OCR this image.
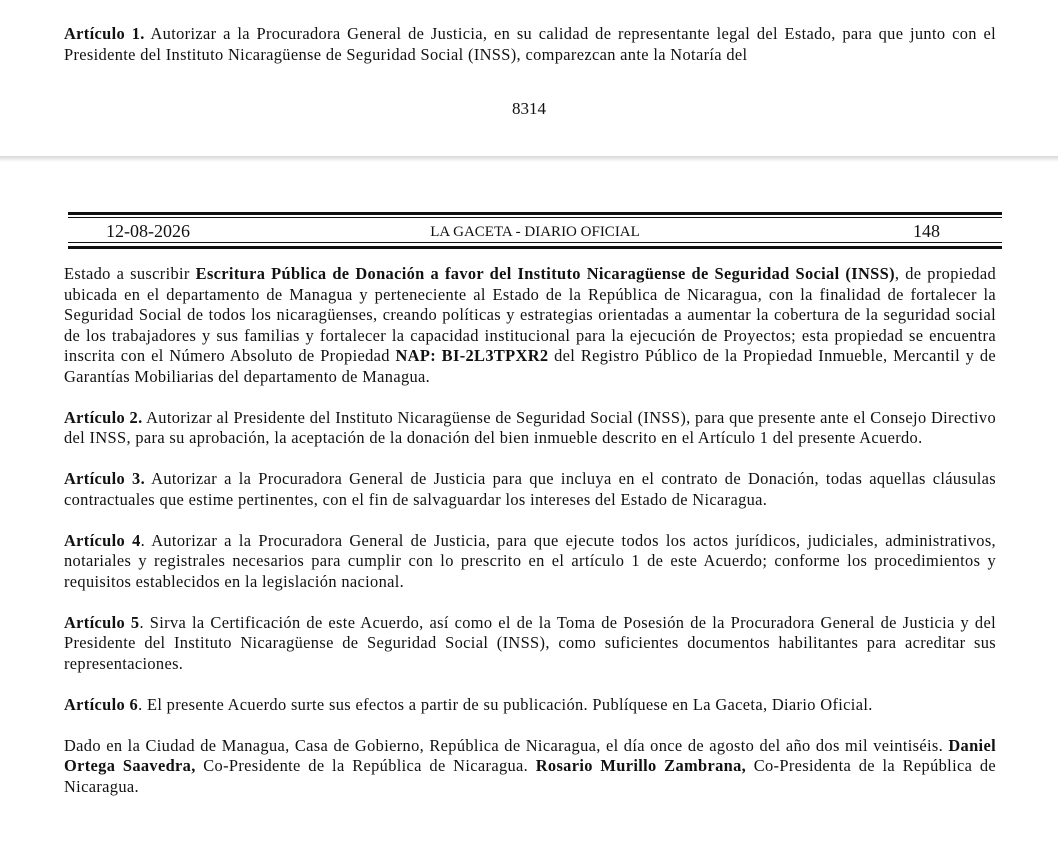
Artículo 1. Autorizar a la Procuradora General de Justicia, en su calidad de representante legal del Estado, para que junto con el Presidente del Instituto Nicaragüense de Seguridad Social (INSS), comparezcan ante la Notaría del
8314
12-08-2026	LA GACETA - DIARIO OFICIAL	148

Estado a suscribir Escritura Pública de Donación a favor del Instituto Nicaragüense de Seguridad Social (INSS), de propiedad ubicada en el departamento de Managua y perteneciente al Estado de la República de Nicaragua, con la finalidad de fortalecer la Seguridad Social de todos los nicaragüenses, creando políticas y estrategias orientadas a aumentar la cobertura de la seguridad social de los trabajadores y sus familias y fortalecer la capacidad institucional para la ejecución de Proyectos; esta propiedad se encuentra inscrita con el Número Absoluto de Propiedad NAP: BI-2L3TPXR2 del Registro Público de la Propiedad Inmueble, Mercantil y de Garantías Mobiliarias del departamento de Managua.

Artículo 2. Autorizar al Presidente del Instituto Nicaragüense de Seguridad Social (INSS), para que presente ante el Consejo Directivo del INSS, para su aprobación, la aceptación de la donación del bien inmueble descrito en el Artículo 1 del presente Acuerdo.

Artículo 3. Autorizar a la Procuradora General de Justicia para que incluya en el contrato de Donación, todas aquellas cláusulas contractuales que estime pertinentes, con el fin de salvaguardar los intereses del Estado de Nicaragua.

Artículo 4. Autorizar a la Procuradora General de Justicia, para que ejecute todos los actos jurídicos, judiciales, administrativos, notariales y registrales necesarios para cumplir con lo prescrito en el artículo 1 de este Acuerdo; conforme los procedimientos y requisitos establecidos en la legislación nacional.

Artículo 5. Sirva la Certificación de este Acuerdo, así como el de la Toma de Posesión de la Procuradora General de Justicia y del Presidente del Instituto Nicaragüense de Seguridad Social (INSS), como suficientes documentos habilitantes para acreditar sus representaciones.

Artículo 6. El presente Acuerdo surte sus efectos a partir de su publicación. Publíquese en La Gaceta, Diario Oficial.

Dado en la Ciudad de Managua, Casa de Gobierno, República de Nicaragua, el día once de agosto del año dos mil veintiséis. Daniel Ortega Saavedra, Co-Presidente de la República de Nicaragua. Rosario Murillo Zambrana, Co-Presidenta de la República de Nicaragua.
